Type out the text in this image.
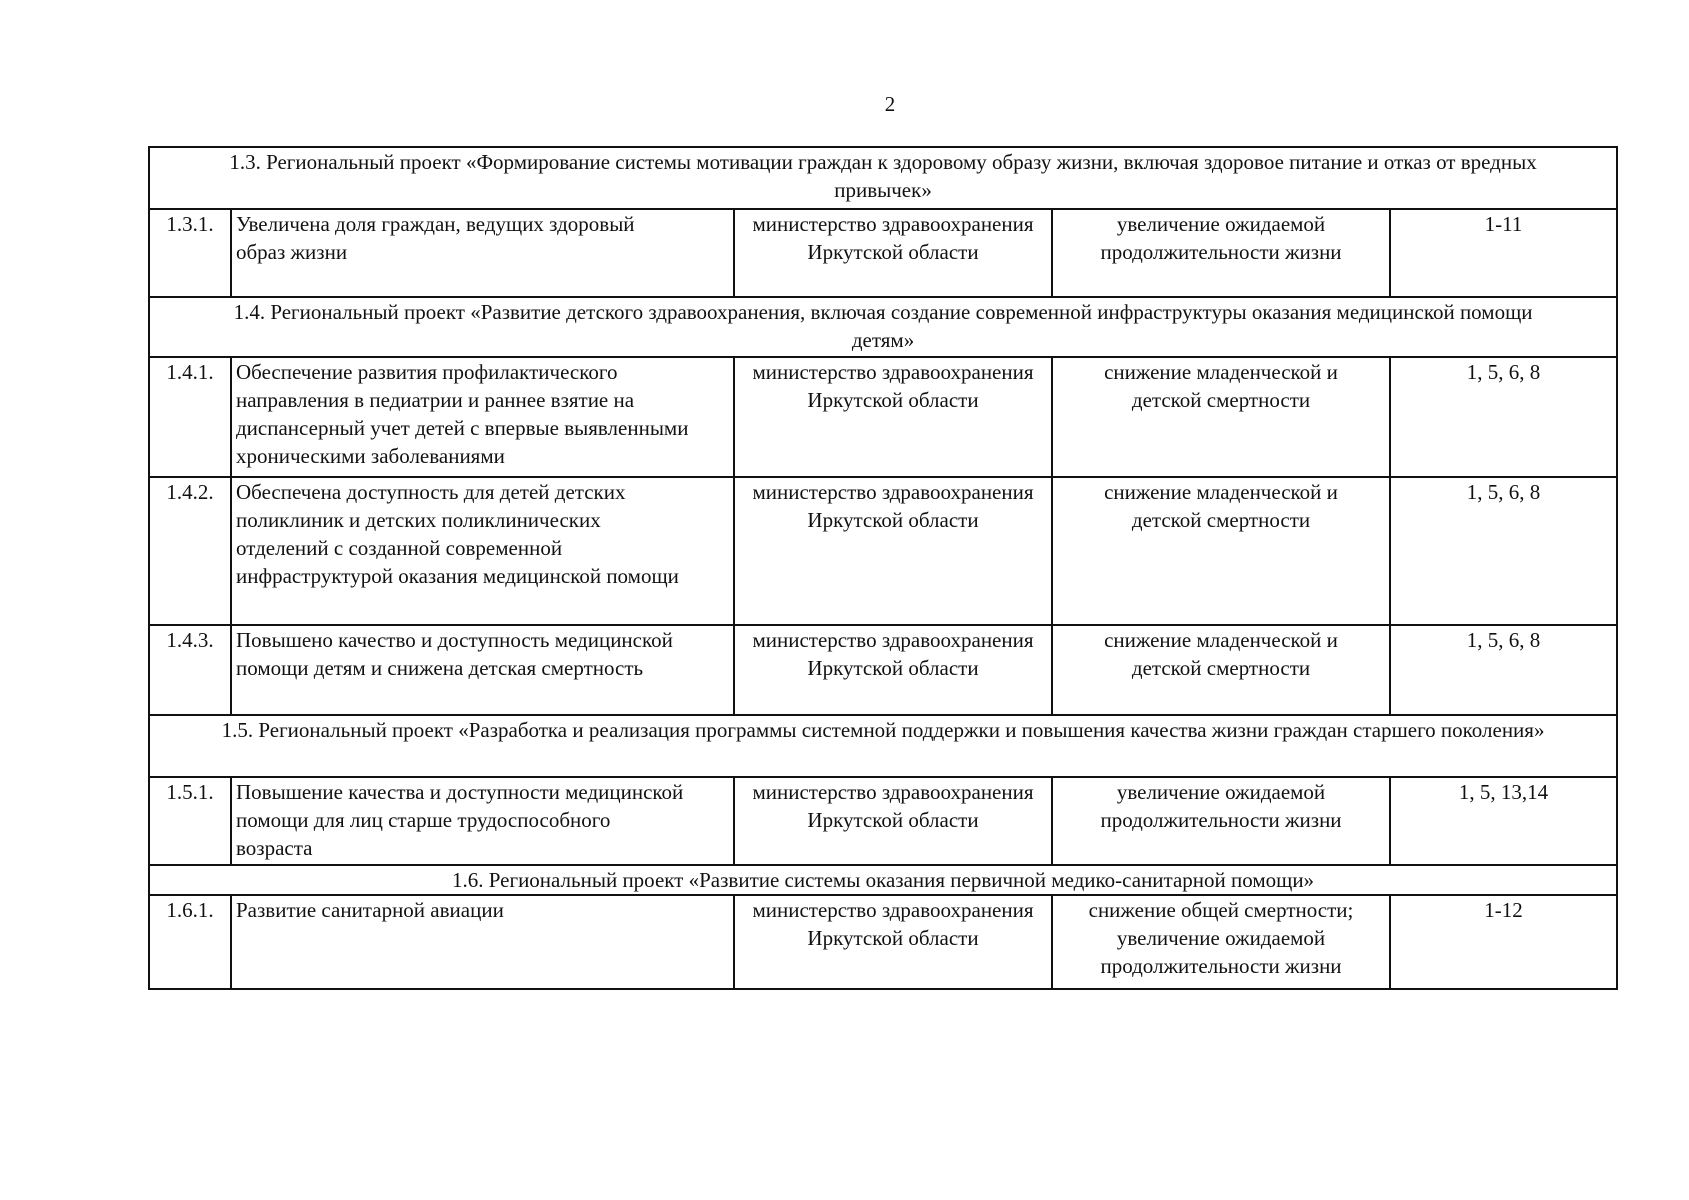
2
1.3. Региональный проект «Формирование системы мотивации граждан к здоровому образу жизни, включая здоровое питание и отказ от вредных
привычек»				

1.3.1.	Увеличена доля граждан, ведущих здоровый
образ жизни	министерство здравоохранения
Иркутской области	увеличение ожидаемой
продолжительности жизни	1-11

1.4. Региональный проект «Развитие детского здравоохранения, включая создание современной инфраструктуры оказания медицинской помощи
детям»				

1.4.1.	Обеспечение развития профилактического
направления в педиатрии и раннее взятие на
диспансерный учет детей с впервые выявленными
хроническими заболеваниями	министерство здравоохранения
Иркутской области	снижение младенческой и
детской смертности	1, 5, 6, 8
1.4.2.	Обеспечена доступность для детей детских
поликлиник и детских поликлинических
отделений с созданной современной
инфраструктурой оказания медицинской помощи	министерство здравоохранения
Иркутской области	снижение младенческой и
детской смертности	1, 5, 6, 8
1.4.3.	Повышено качество и доступность медицинской
помощи детям и снижена детская смертность	министерство здравоохранения
Иркутской области	снижение младенческой и
детской смертности	1, 5, 6, 8

1.5. Региональный проект «Разработка и реализация программы системной поддержки и повышения качества жизни граждан старшего поколения»				

1.5.1.	Повышение качества и доступности медицинской
помощи для лиц старше трудоспособного
возраста	министерство здравоохранения
Иркутской области	увеличение ожидаемой
продолжительности жизни	1, 5, 13,14

1.6. Региональный проект «Развитие системы оказания первичной медико-санитарной помощи»				

1.6.1.	Развитие санитарной авиации	министерство здравоохранения
Иркутской области	снижение общей смертности;
увеличение ожидаемой
продолжительности жизни	1-12
